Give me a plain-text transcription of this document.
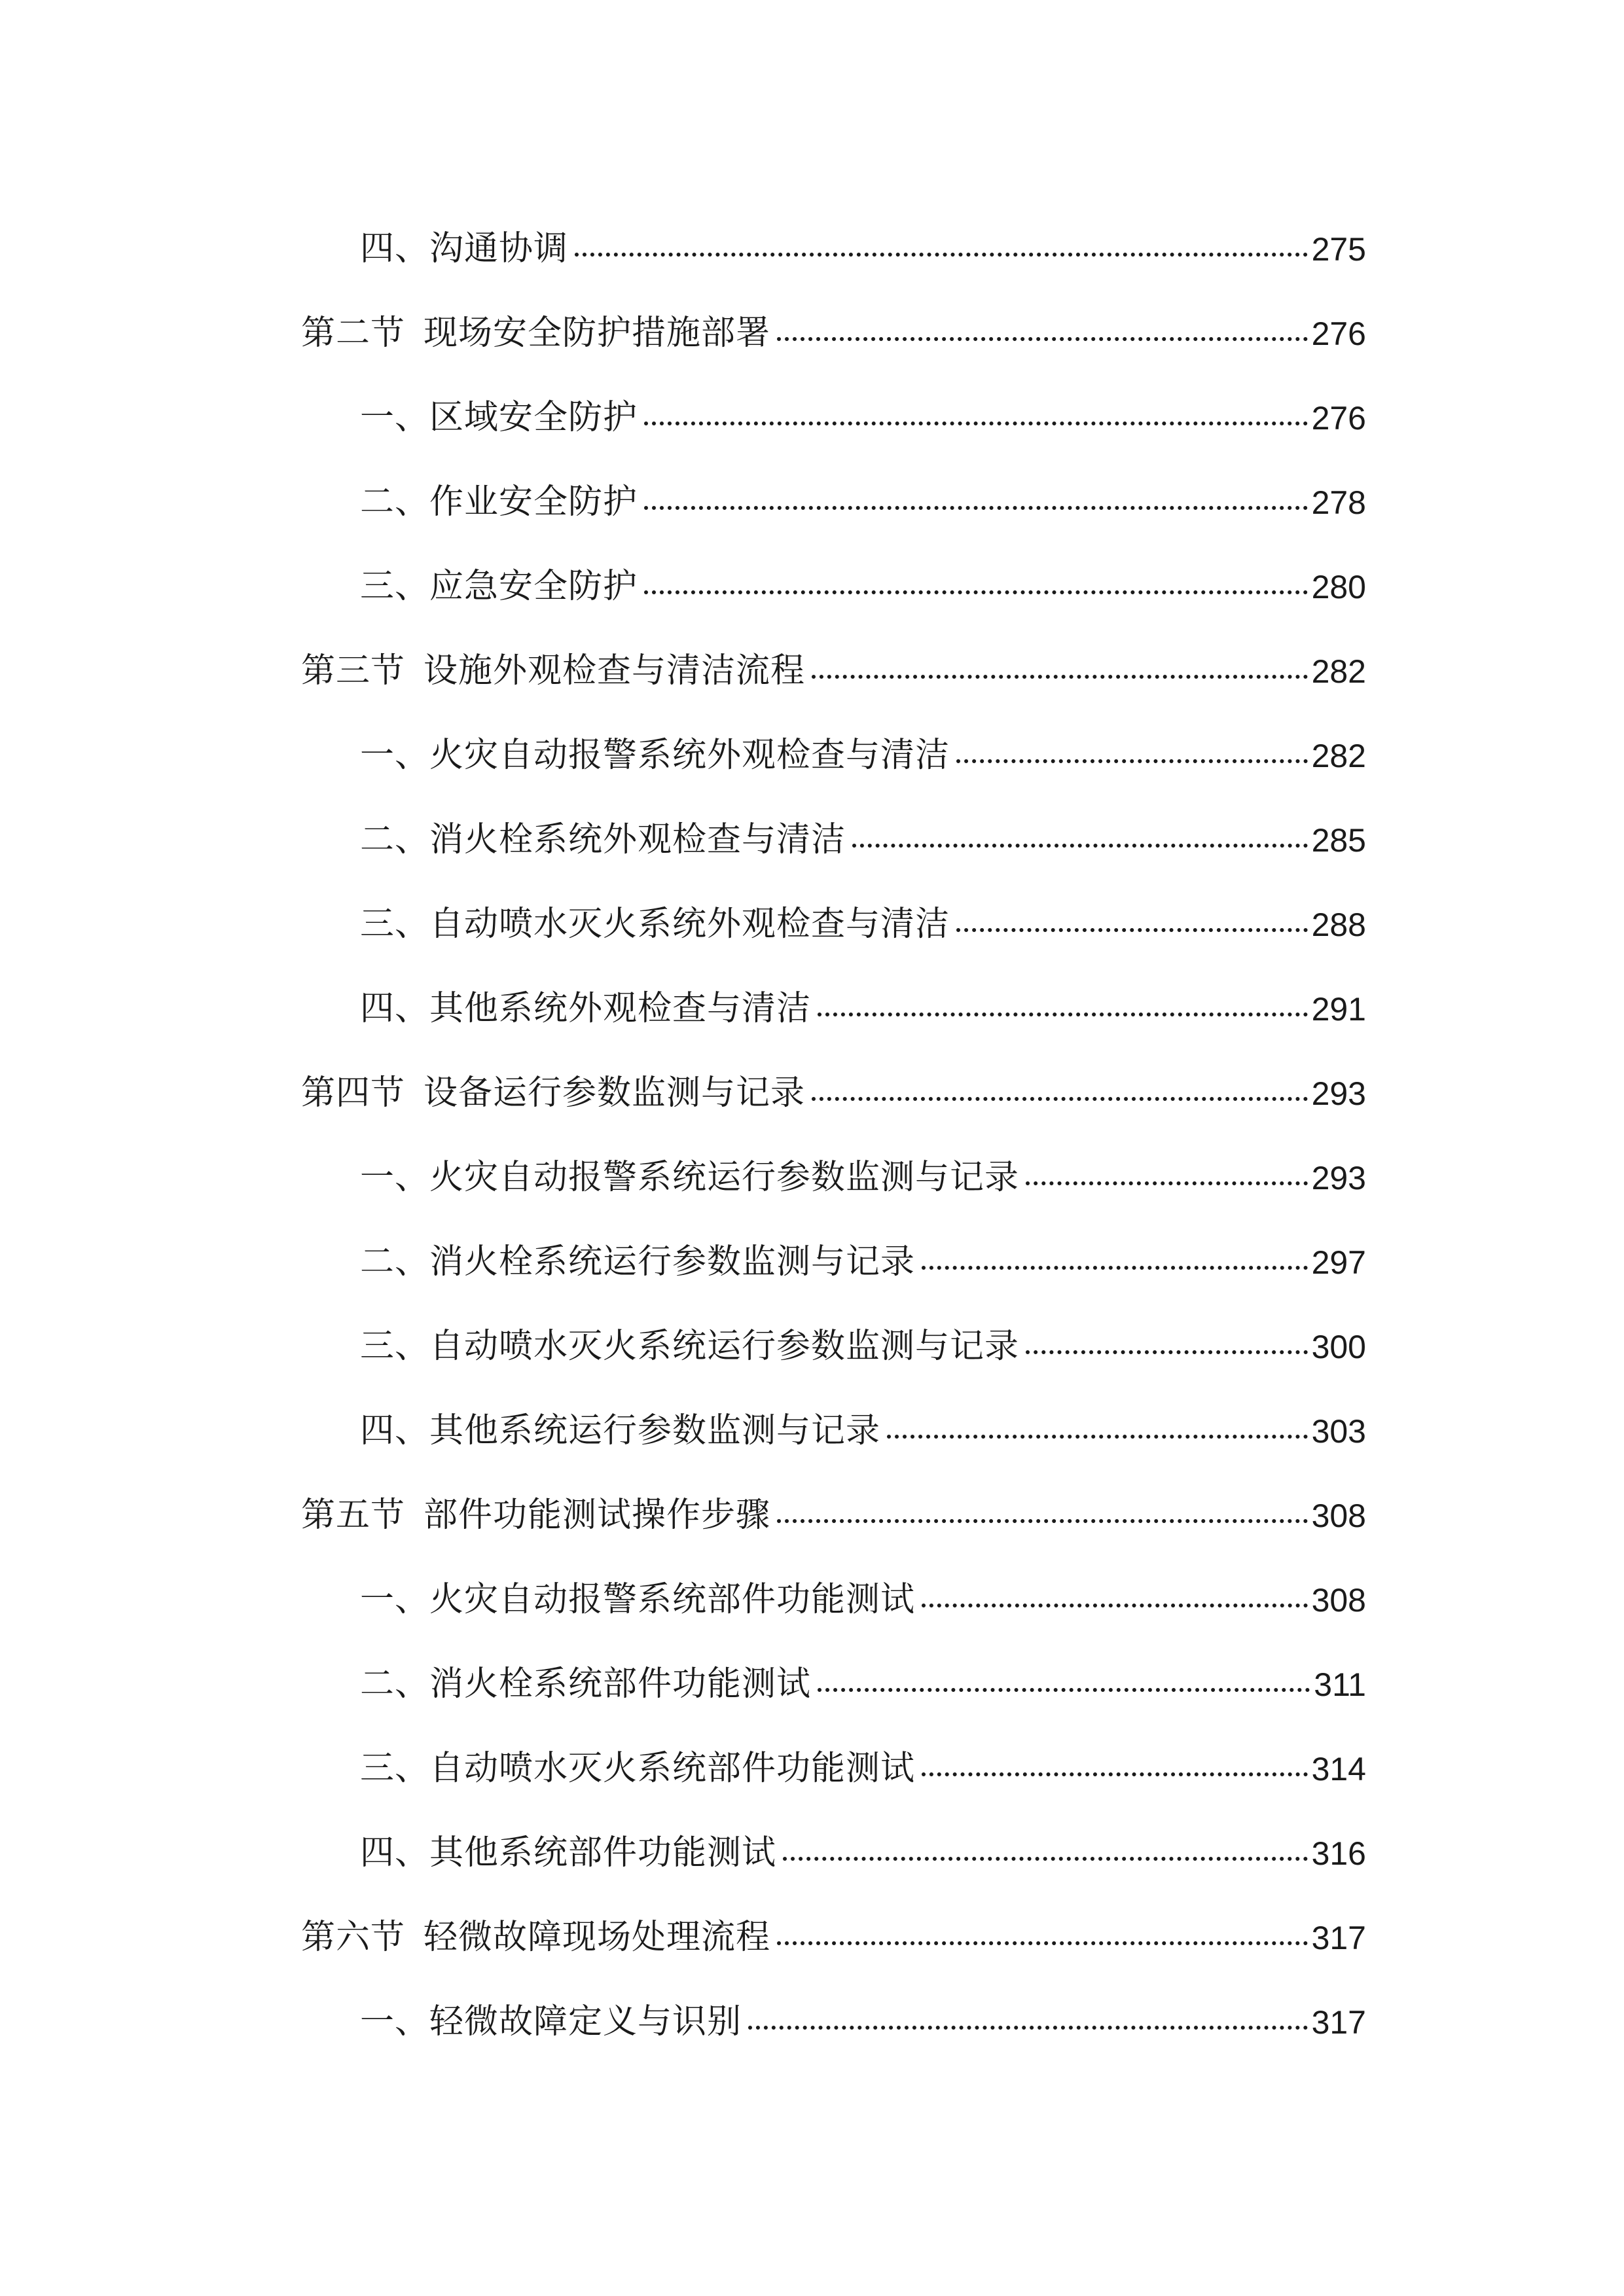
四、 沟通协调	275
第二节 现场安全防护措施部署	276
一、 区域安全防护	276
二、 作业安全防护	278
三、 应急安全防护	280
第三节 设施外观检查与清洁流程	282
一、 火灾自动报警系统外观检查与清洁	282
二、 消火栓系统外观检查与清洁	285
三、 自动喷水灭火系统外观检查与清洁	288
四、 其他系统外观检查与清洁	291
第四节 设备运行参数监测与记录	293
一、 火灾自动报警系统运行参数监测与记录	293
二、 消火栓系统运行参数监测与记录	297
三、 自动喷水灭火系统运行参数监测与记录	300
四、 其他系统运行参数监测与记录	303
第五节 部件功能测试操作步骤	308
一、 火灾自动报警系统部件功能测试	308
二、 消火栓系统部件功能测试	311
三、 自动喷水灭火系统部件功能测试	314
四、 其他系统部件功能测试	316
第六节 轻微故障现场处理流程	317
一、 轻微故障定义与识别	317
